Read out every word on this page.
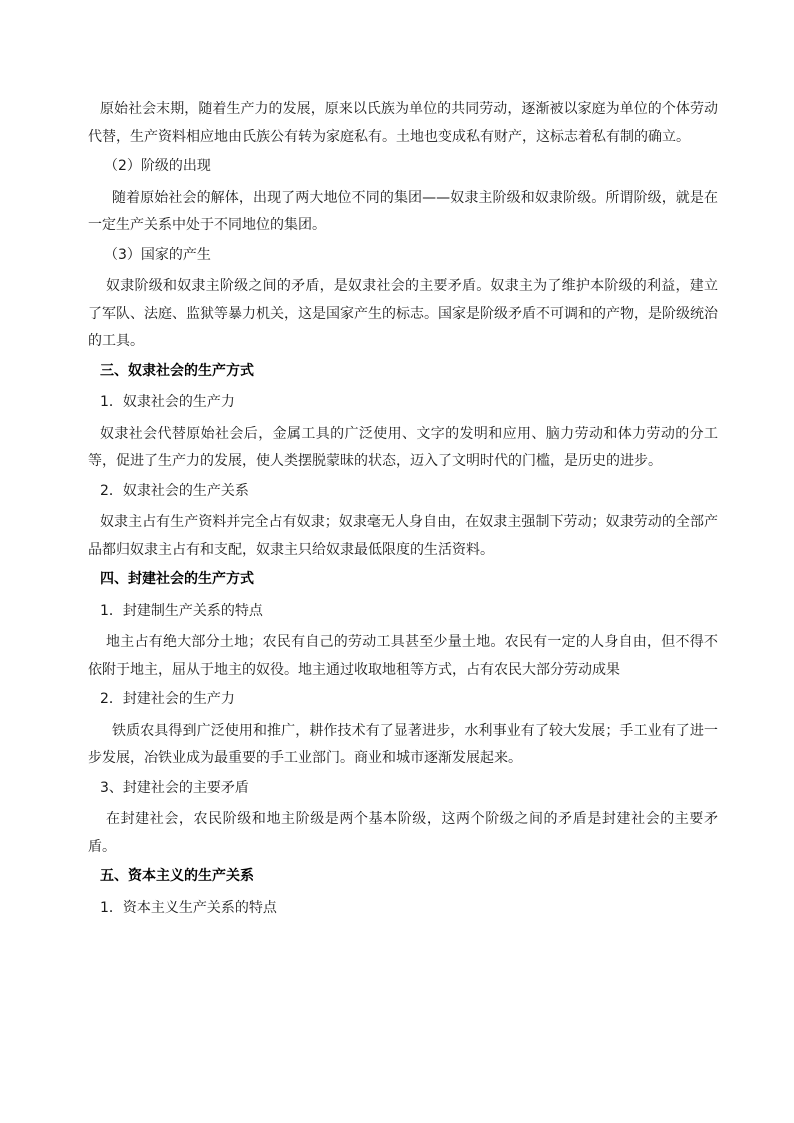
原始社会末期，随着生产力的发展，原来以氏族为单位的共同劳动，逐渐被以家庭为单位的个体劳动代替，生产资料相应地由氏族公有转为家庭私有。土地也变成私有财产，这标志着私有制的确立。

（2）阶级的出现

随着原始社会的解体，出现了两大地位不同的集团——奴隶主阶级和奴隶阶级。所谓阶级，就是在一定生产关系中处于不同地位的集团。

（3）国家的产生

奴隶阶级和奴隶主阶级之间的矛盾，是奴隶社会的主要矛盾。奴隶主为了维护本阶级的利益，建立了军队、法庭、监狱等暴力机关，这是国家产生的标志。国家是阶级矛盾不可调和的产物，是阶级统治的工具。

三、奴隶社会的生产方式

1．奴隶社会的生产力

奴隶社会代替原始社会后，金属工具的广泛使用、文字的发明和应用、脑力劳动和体力劳动的分工等，促进了生产力的发展，使人类摆脱蒙昧的状态，迈入了文明时代的门槛，是历史的进步。

2．奴隶社会的生产关系

奴隶主占有生产资料并完全占有奴隶；奴隶毫无人身自由，在奴隶主强制下劳动；奴隶劳动的全部产品都归奴隶主占有和支配，奴隶主只给奴隶最低限度的生活资料。

四、封建社会的生产方式

1．封建制生产关系的特点

地主占有绝大部分土地；农民有自己的劳动工具甚至少量土地。农民有一定的人身自由，但不得不依附于地主，屈从于地主的奴役。地主通过收取地租等方式，占有农民大部分劳动成果

2．封建社会的生产力

铁质农具得到广泛使用和推广，耕作技术有了显著进步，水利事业有了较大发展；手工业有了进一步发展，冶铁业成为最重要的手工业部门。商业和城市逐渐发展起来。

3、封建社会的主要矛盾

在封建社会，农民阶级和地主阶级是两个基本阶级，这两个阶级之间的矛盾是封建社会的主要矛盾。

五、资本主义的生产关系

1．资本主义生产关系的特点
